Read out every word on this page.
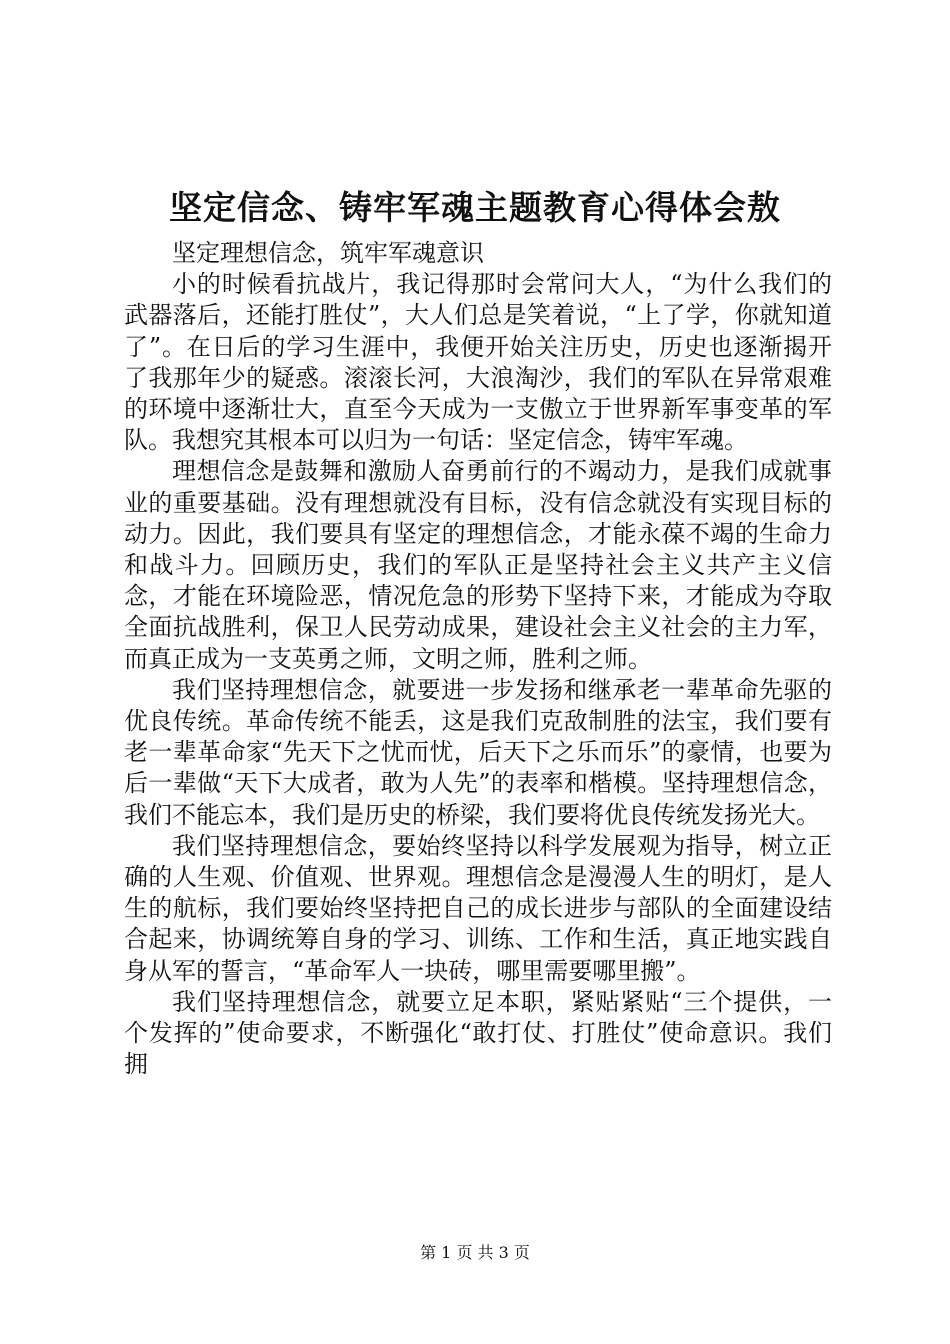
坚定信念、铸牢军魂主题教育心得体会敖

坚定理想信念，筑牢军魂意识

小的时候看抗战片，我记得那时会常问大人，“为什么我们的武器落后，还能打胜仗”，大人们总是笑着说，“上了学，你就知道了”。在日后的学习生涯中，我便开始关注历史，历史也逐渐揭开了我那年少的疑惑。滚滚长河，大浪淘沙，我们的军队在异常艰难的环境中逐渐壮大，直至今天成为一支傲立于世界新军事变革的军队。我想究其根本可以归为一句话：坚定信念，铸牢军魂。

理想信念是鼓舞和激励人奋勇前行的不竭动力，是我们成就事业的重要基础。没有理想就没有目标，没有信念就没有实现目标的动力。因此，我们要具有坚定的理想信念，才能永葆不竭的生命力和战斗力。回顾历史，我们的军队正是坚持社会主义共产主义信念，才能在环境险恶，情况危急的形势下坚持下来，才能成为夺取全面抗战胜利，保卫人民劳动成果，建设社会主义社会的主力军，而真正成为一支英勇之师，文明之师，胜利之师。

我们坚持理想信念，就要进一步发扬和继承老一辈革命先驱的优良传统。革命传统不能丢，这是我们克敌制胜的法宝，我们要有老一辈革命家“先天下之忧而忧，后天下之乐而乐”的豪情，也要为后一辈做“天下大成者，敢为人先”的表率和楷模。坚持理想信念，我们不能忘本，我们是历史的桥梁，我们要将优良传统发扬光大。

我们坚持理想信念，要始终坚持以科学发展观为指导，树立正确的人生观、价值观、世界观。理想信念是漫漫人生的明灯，是人生的航标，我们要始终坚持把自己的成长进步与部队的全面建设结合起来，协调统筹自身的学习、训练、工作和生活，真正地实践自身从军的誓言，“革命军人一块砖，哪里需要哪里搬”。

我们坚持理想信念，就要立足本职，紧贴紧贴“三个提供，一个发挥的”使命要求，不断强化“敢打仗、打胜仗”使命意识。我们拥

第 1 页 共 3 页
